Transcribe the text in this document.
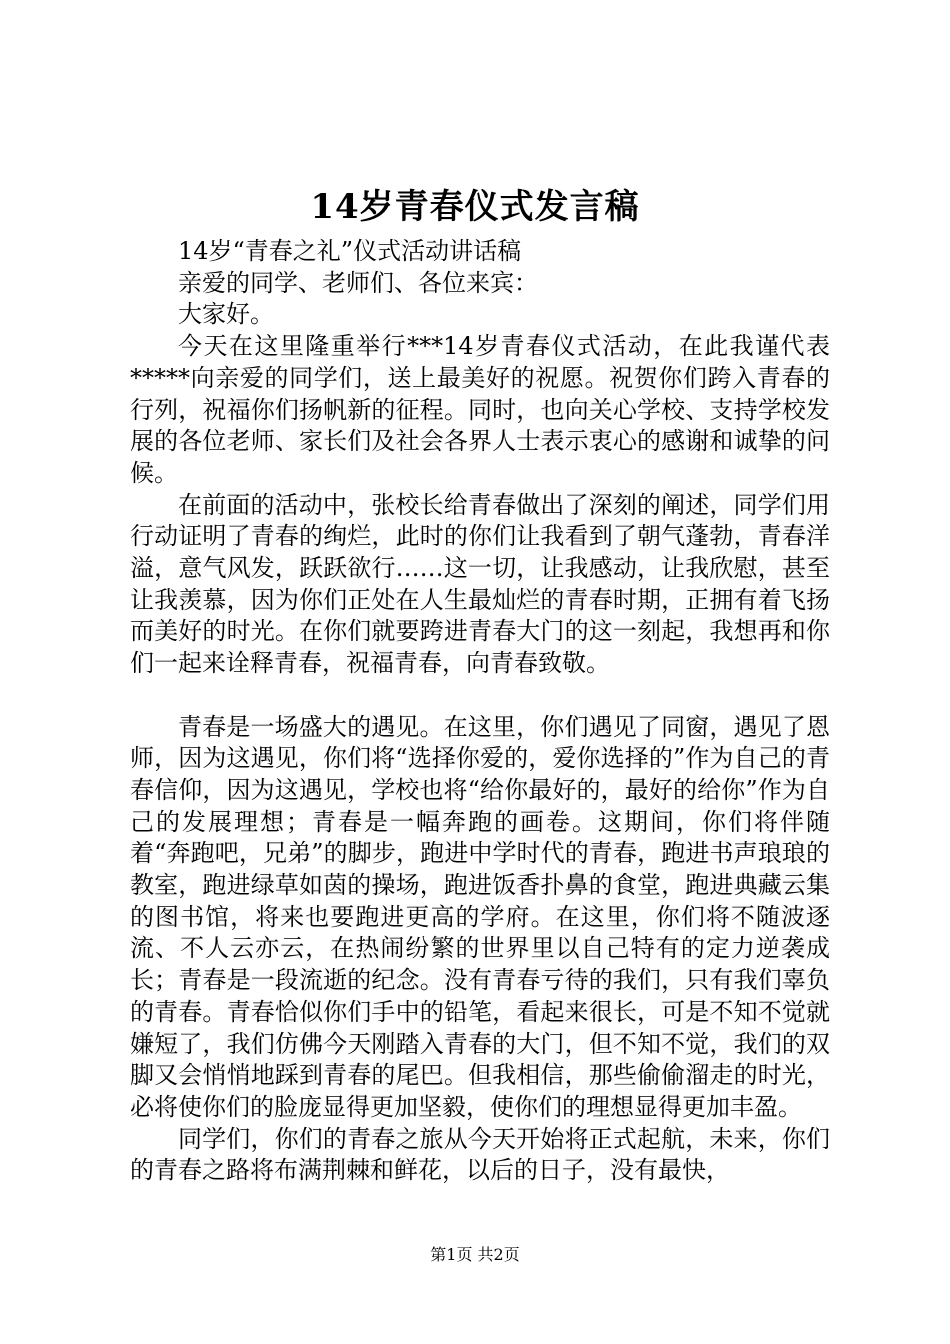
14岁青春仪式发言稿

14岁“青春之礼”仪式活动讲话稿

亲爱的同学、老师们、各位来宾：

大家好。

今天在这里隆重举行***14岁青春仪式活动，在此我谨代表*****向亲爱的同学们，送上最美好的祝愿。祝贺你们跨入青春的行列，祝福你们扬帆新的征程。同时，也向关心学校、支持学校发展的各位老师、家长们及社会各界人士表示衷心的感谢和诚挚的问候。

在前面的活动中，张校长给青春做出了深刻的阐述，同学们用行动证明了青春的绚烂，此时的你们让我看到了朝气蓬勃，青春洋溢，意气风发，跃跃欲行……这一切，让我感动，让我欣慰，甚至让我羡慕，因为你们正处在人生最灿烂的青春时期，正拥有着飞扬而美好的时光。在你们就要跨进青春大门的这一刻起，我想再和你们一起来诠释青春，祝福青春，向青春致敬。

青春是一场盛大的遇见。在这里，你们遇见了同窗，遇见了恩师，因为这遇见，你们将“选择你爱的，爱你选择的”作为自己的青春信仰，因为这遇见，学校也将“给你最好的，最好的给你”作为自己的发展理想；青春是一幅奔跑的画卷。这期间，你们将伴随着“奔跑吧，兄弟”的脚步，跑进中学时代的青春，跑进书声琅琅的教室，跑进绿草如茵的操场，跑进饭香扑鼻的食堂，跑进典藏云集的图书馆，将来也要跑进更高的学府。在这里，你们将不随波逐流、不人云亦云，在热闹纷繁的世界里以自己特有的定力逆袭成长；青春是一段流逝的纪念。没有青春亏待的我们，只有我们辜负的青春。青春恰似你们手中的铅笔，看起来很长，可是不知不觉就嫌短了，我们仿佛今天刚踏入青春的大门，但不知不觉，我们的双脚又会悄悄地踩到青春的尾巴。但我相信，那些偷偷溜走的时光，必将使你们的脸庞显得更加坚毅，使你们的理想显得更加丰盈。

同学们，你们的青春之旅从今天开始将正式起航，未来，你们的青春之路将布满荆棘和鲜花，以后的日子，没有最快，

第1页 共2页
